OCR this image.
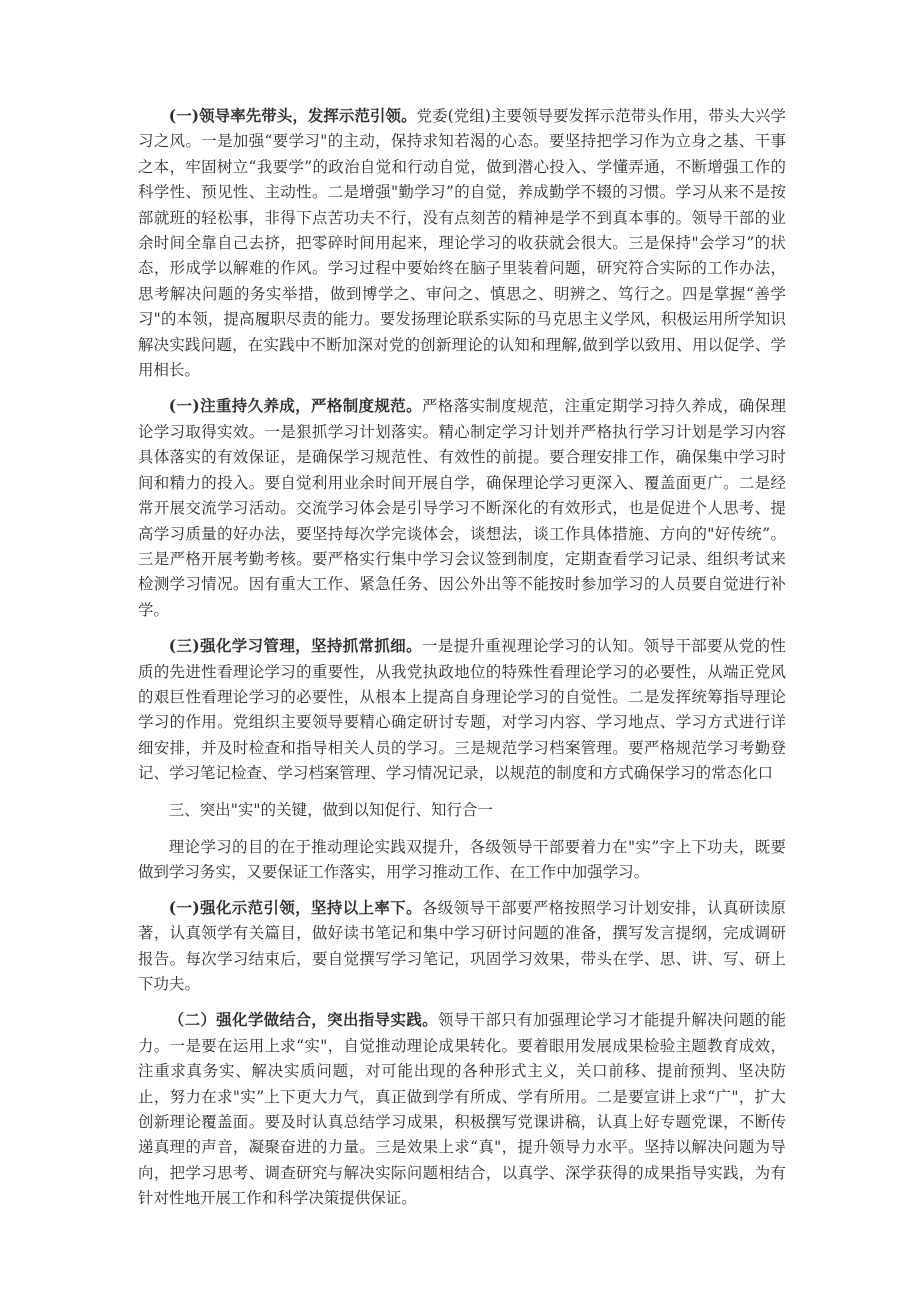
(一)领导率先带头，发挥示范引领。党委(党组)主要领导要发挥示范带头作用，带头大兴学习之风。一是加强“要学习"的主动，保持求知若渴的心态。要坚持把学习作为立身之基、干事之本，牢固树立“我要学”的政治自觉和行动自觉，做到潜心投入、学懂弄通，不断增强工作的科学性、预见性、主动性。二是增强"勤学习”的自觉，养成勤学不辍的习惯。学习从来不是按部就班的轻松事，非得下点苦功夫不行，没有点刻苦的精神是学不到真本事的。领导干部的业余时间全靠自己去挤，把零碎时间用起来，理论学习的收获就会很大。三是保持"会学习”的状态，形成学以解难的作风。学习过程中要始终在脑子里装着问题，研究符合实际的工作办法，思考解决问题的务实举措，做到博学之、审问之、慎思之、明辨之、笃行之。四是掌握“善学习"的本领，提高履职尽责的能力。要发扬理论联系实际的马克思主义学风，积极运用所学知识解决实践问题，在实践中不断加深对党的创新理论的认知和理解,做到学以致用、用以促学、学用相长。

(一)注重持久养成，严格制度规范。严格落实制度规范，注重定期学习持久养成，确保理论学习取得实效。一是狠抓学习计划落实。精心制定学习计划并严格执行学习计划是学习内容具体落实的有效保证，是确保学习规范性、有效性的前提。要合理安排工作，确保集中学习时间和精力的投入。要自觉利用业余时间开展自学，确保理论学习更深入、覆盖面更广。二是经常开展交流学习活动。交流学习体会是引导学习不断深化的有效形式，也是促进个人思考、提高学习质量的好办法，要坚持每次学完谈体会，谈想法，谈工作具体措施、方向的"好传统”。三是严格开展考勤考核。要严格实行集中学习会议签到制度，定期查看学习记录、组织考试来检测学习情况。因有重大工作、紧急任务、因公外出等不能按时参加学习的人员要自觉进行补学。

(三)强化学习管理，坚持抓常抓细。一是提升重视理论学习的认知。领导干部要从党的性质的先进性看理论学习的重要性，从我党执政地位的特殊性看理论学习的必要性，从端正党风的艰巨性看理论学习的必要性，从根本上提高自身理论学习的自觉性。二是发挥统筹指导理论学习的作用。党组织主要领导要精心确定研讨专题，对学习内容、学习地点、学习方式进行详细安排，并及时检查和指导相关人员的学习。三是规范学习档案管理。要严格规范学习考勤登记、学习笔记检查、学习档案管理、学习情况记录，以规范的制度和方式确保学习的常态化口

三、突出"实"的关键，做到以知促行、知行合一

理论学习的目的在于推动理论实践双提升，各级领导干部要着力在"实”字上下功夫，既要做到学习务实，又要保证工作落实，用学习推动工作、在工作中加强学习。

(一)强化示范引领，坚持以上率下。各级领导干部要严格按照学习计划安排，认真研读原著，认真领学有关篇目，做好读书笔记和集中学习研讨问题的准备，撰写发言提纲，完成调研报告。每次学习结束后，要自觉撰写学习笔记，巩固学习效果，带头在学、思、讲、写、研上下功夫。

（二）强化学做结合，突出指导实践。领导干部只有加强理论学习才能提升解决问题的能力。一是要在运用上求“实"，自觉推动理论成果转化。要着眼用发展成果检验主题教育成效，注重求真务实、解决实质问题，对可能出现的各种形式主义，关口前移、提前预判、坚决防止，努力在求"实”上下更大力气，真正做到学有所成、学有所用。二是要宣讲上求“广"，扩大创新理论覆盖面。要及时认真总结学习成果，积极撰写党课讲稿，认真上好专题党课，不断传递真理的声音，凝聚奋进的力量。三是效果上求“真"，提升领导力水平。坚持以解决问题为导向，把学习思考、调查研究与解决实际问题相结合，以真学、深学获得的成果指导实践，为有针对性地开展工作和科学决策提供保证。
